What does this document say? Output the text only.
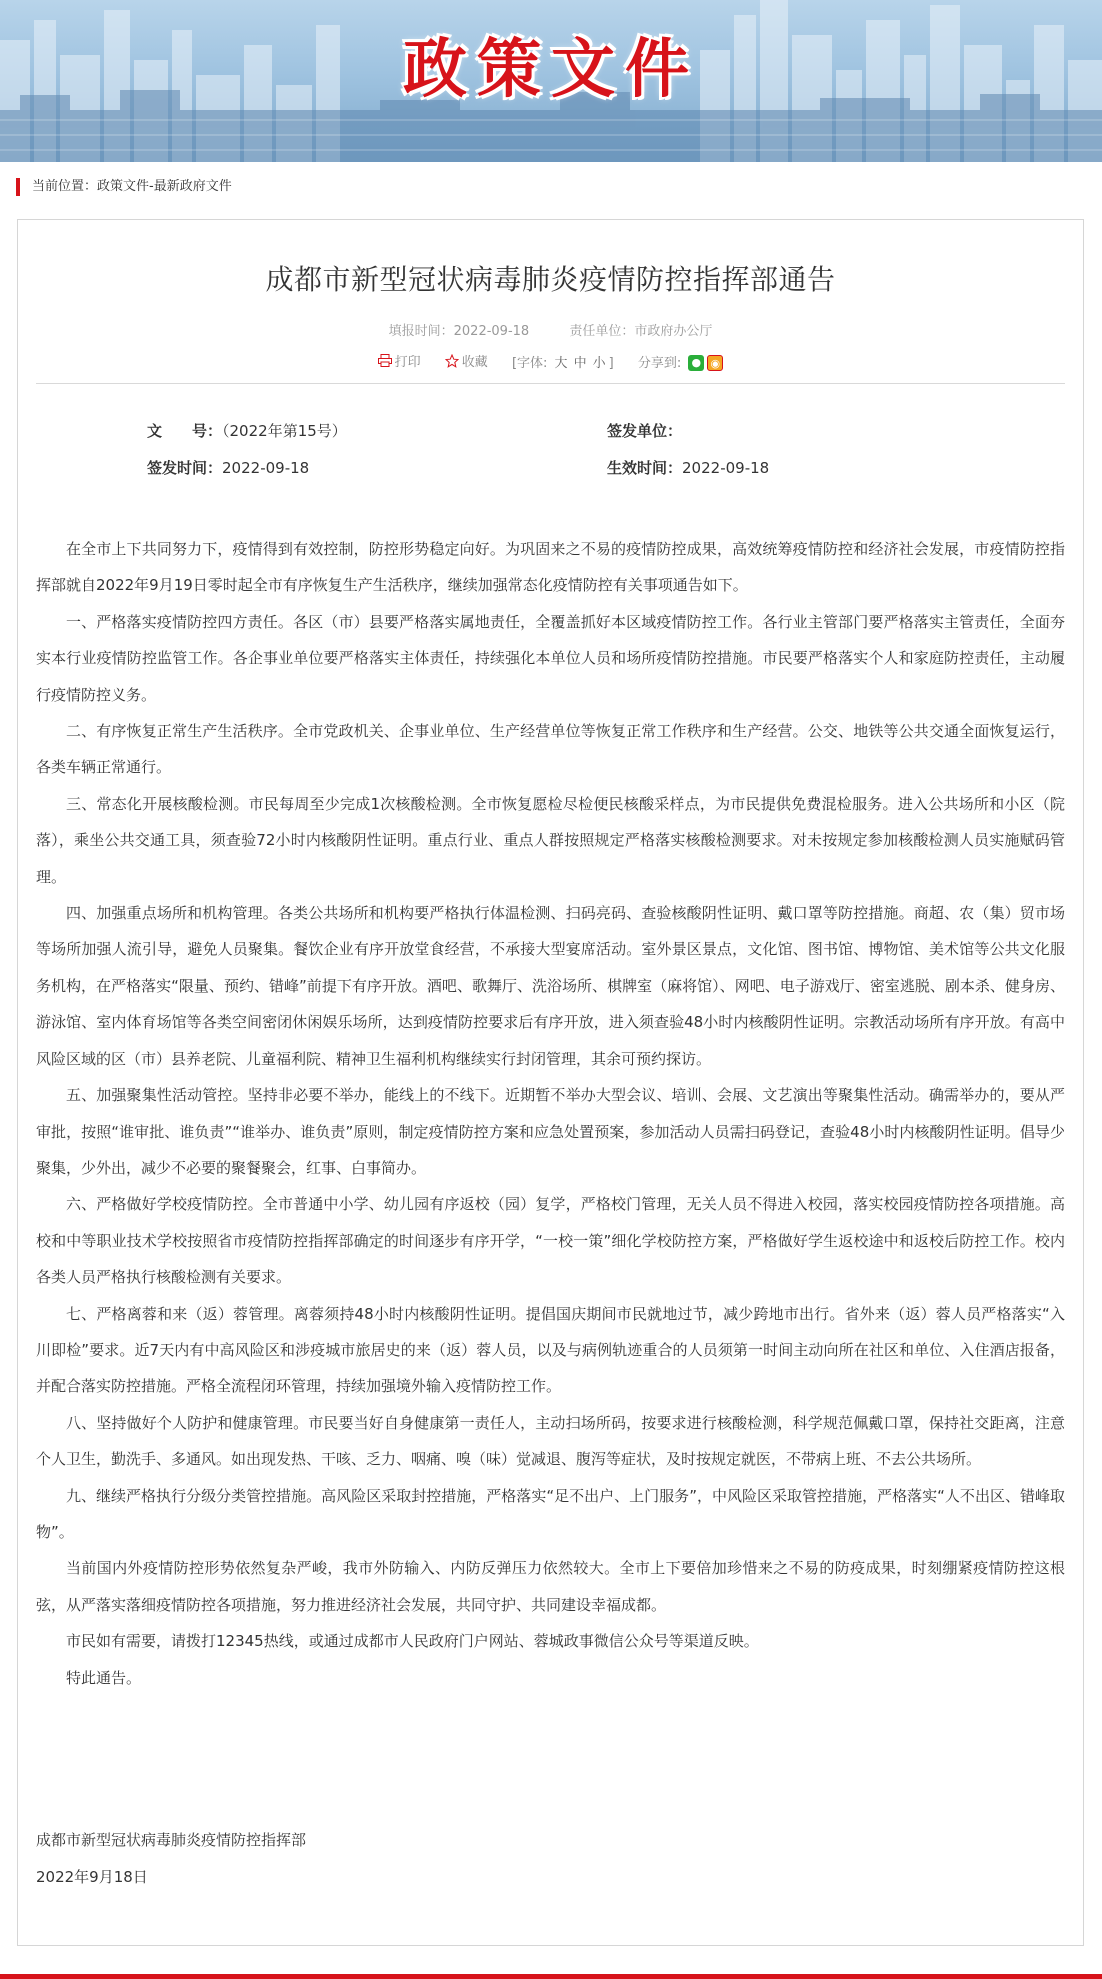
政策文件
当前位置：政策文件-最新政府文件
成都市新型冠状病毒肺炎疫情防控指挥部通告
填报时间：2022-09-18	责任单位：市政府办公厅
打印	收藏 [字体: 大 中 小 ] 分享到: ● ◉
文　　号：（2022年第15号）	签发单位：
签发时间：2022-09-18	生效时间：2022-09-18

在全市上下共同努力下，疫情得到有效控制，防控形势稳定向好。为巩固来之不易的疫情防控成果，高效统筹疫情防控和经济社会发展，市疫情防控指挥部就自2022年9月19日零时起全市有序恢复生产生活秩序，继续加强常态化疫情防控有关事项通告如下。

一、严格落实疫情防控四方责任。各区（市）县要严格落实属地责任，全覆盖抓好本区域疫情防控工作。各行业主管部门要严格落实主管责任，全面夯实本行业疫情防控监管工作。各企事业单位要严格落实主体责任，持续强化本单位人员和场所疫情防控措施。市民要严格落实个人和家庭防控责任，主动履行疫情防控义务。

二、有序恢复正常生产生活秩序。全市党政机关、企事业单位、生产经营单位等恢复正常工作秩序和生产经营。公交、地铁等公共交通全面恢复运行，各类车辆正常通行。

三、常态化开展核酸检测。市民每周至少完成1次核酸检测。全市恢复愿检尽检便民核酸采样点，为市民提供免费混检服务。进入公共场所和小区（院落），乘坐公共交通工具，须查验72小时内核酸阴性证明。重点行业、重点人群按照规定严格落实核酸检测要求。对未按规定参加核酸检测人员实施赋码管理。

四、加强重点场所和机构管理。各类公共场所和机构要严格执行体温检测、扫码亮码、查验核酸阴性证明、戴口罩等防控措施。商超、农（集）贸市场等场所加强人流引导，避免人员聚集。餐饮企业有序开放堂食经营，不承接大型宴席活动。室外景区景点，文化馆、图书馆、博物馆、美术馆等公共文化服务机构，在严格落实“限量、预约、错峰”前提下有序开放。酒吧、歌舞厅、洗浴场所、棋牌室（麻将馆）、网吧、电子游戏厅、密室逃脱、剧本杀、健身房、游泳馆、室内体育场馆等各类空间密闭休闲娱乐场所，达到疫情防控要求后有序开放，进入须查验48小时内核酸阴性证明。宗教活动场所有序开放。有高中风险区域的区（市）县养老院、儿童福利院、精神卫生福利机构继续实行封闭管理，其余可预约探访。

五、加强聚集性活动管控。坚持非必要不举办，能线上的不线下。近期暂不举办大型会议、培训、会展、文艺演出等聚集性活动。确需举办的，要从严审批，按照“谁审批、谁负责”“谁举办、谁负责”原则，制定疫情防控方案和应急处置预案，参加活动人员需扫码登记，查验48小时内核酸阴性证明。倡导少聚集，少外出，减少不必要的聚餐聚会，红事、白事简办。

六、严格做好学校疫情防控。全市普通中小学、幼儿园有序返校（园）复学，严格校门管理，无关人员不得进入校园，落实校园疫情防控各项措施。高校和中等职业技术学校按照省市疫情防控指挥部确定的时间逐步有序开学，“一校一策”细化学校防控方案，严格做好学生返校途中和返校后防控工作。校内各类人员严格执行核酸检测有关要求。

七、严格离蓉和来（返）蓉管理。离蓉须持48小时内核酸阴性证明。提倡国庆期间市民就地过节，减少跨地市出行。省外来（返）蓉人员严格落实“入川即检”要求。近7天内有中高风险区和涉疫城市旅居史的来（返）蓉人员，以及与病例轨迹重合的人员须第一时间主动向所在社区和单位、入住酒店报备，并配合落实防控措施。严格全流程闭环管理，持续加强境外输入疫情防控工作。

八、坚持做好个人防护和健康管理。市民要当好自身健康第一责任人，主动扫场所码，按要求进行核酸检测，科学规范佩戴口罩，保持社交距离，注意个人卫生，勤洗手、多通风。如出现发热、干咳、乏力、咽痛、嗅（味）觉减退、腹泻等症状，及时按规定就医，不带病上班、不去公共场所。

九、继续严格执行分级分类管控措施。高风险区采取封控措施，严格落实“足不出户、上门服务”，中风险区采取管控措施，严格落实“人不出区、错峰取物”。

当前国内外疫情防控形势依然复杂严峻，我市外防输入、内防反弹压力依然较大。全市上下要倍加珍惜来之不易的防疫成果，时刻绷紧疫情防控这根弦，从严落实落细疫情防控各项措施，努力推进经济社会发展，共同守护、共同建设幸福成都。

市民如有需要，请拨打12345热线，或通过成都市人民政府门户网站、蓉城政事微信公众号等渠道反映。

特此通告。

成都市新型冠状病毒肺炎疫情防控指挥部
2022年9月18日
